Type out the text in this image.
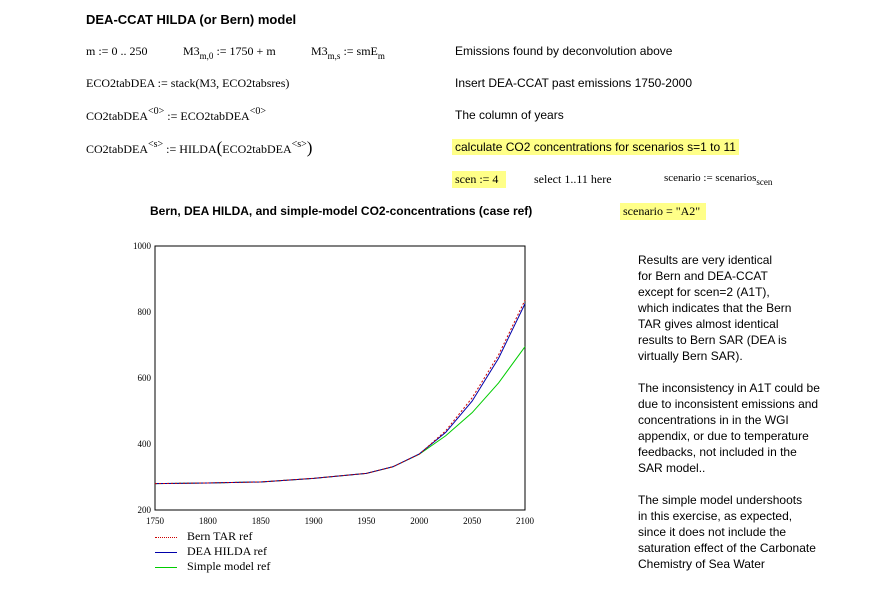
DEA-CCAT HILDA (or Bern) model
m := 0 .. 250	$M3_{m,0}$ := 1750 + m	$M3_{m,s}$ := smE$_m$	Emissions found by deconvolution above
ECO2tabDEA := stack(M3, ECO2tabsres)	Insert DEA-CCAT past emissions 1750-2000
CO2tabDEA$^{<0>}$ := ECO2tabDEA$^{<0>}$	The column of years
CO2tabDEA$^{<s>}$ := HILDA(ECO2tabDEA$^{<s>}$)	calculate CO2 concentrations for scenarios s=1 to 11
scen := 4	select 1..11 here	scenario := scenarios$_{scen}$
Bern, DEA HILDA, and simple-model CO2-concentrations (case ref)	scenario = "A2"
1750	1800	1850	1900	1950	2000	2050	2100
200
400
600
800
1000
Bern TAR ref
DEA HILDA ref
Simple model ref
Results are very identical
for Bern and DEA-CCAT
except for scen=2 (A1T),
which indicates that the Bern
TAR gives almost identical
results to Bern SAR (DEA is
virtually Bern SAR).

The inconsistency in A1T could be
due to inconsistent emissions and
concentrations in in the WGI
appendix, or due to temperature
feedbacks, not included in the
SAR model..

The simple model undershoots
in this exercise, as expected,
since it does not include the
saturation effect of the Carbonate
Chemistry of Sea Water
